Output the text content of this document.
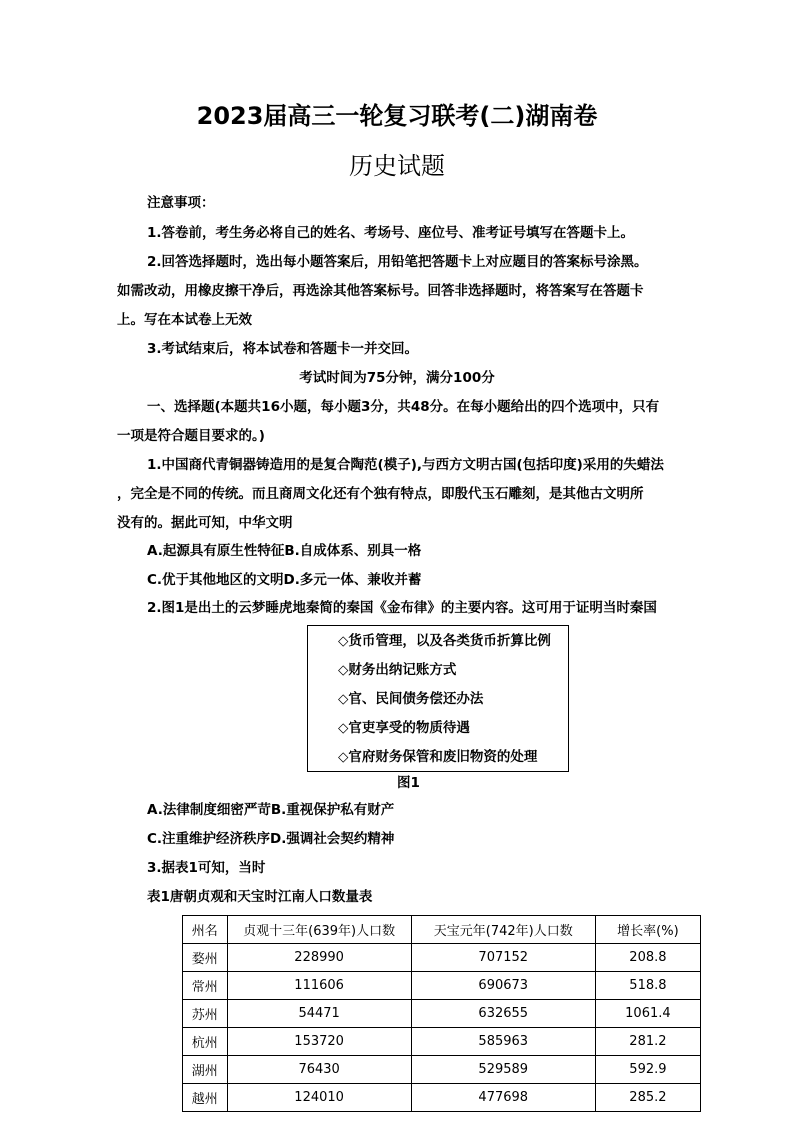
2023届高三一轮复习联考(二)湖南卷
历史试题
注意事项：
1.答卷前，考生务必将自己的姓名、考场号、座位号、准考证号填写在答题卡上。
2.回答选择题时，选出每小题答案后，用铅笔把答题卡上对应题目的答案标号涂黑。
如需改动，用橡皮擦干净后，再选涂其他答案标号。回答非选择题时，将答案写在答题卡
上。写在本试卷上无效
3.考试结束后，将本试卷和答题卡一并交回。
考试时间为75分钟，满分100分
一、选择题(本题共16小题，每小题3分，共48分。在每小题给出的四个选项中，只有
一项是符合题目要求的。)
1.中国商代青铜器铸造用的是复合陶范(模子),与西方文明古国(包括印度)采用的失蜡法
，完全是不同的传统。而且商周文化还有个独有特点，即殷代玉石雕刻，是其他古文明所
没有的。据此可知，中华文明
A.起源具有原生性特征B.自成体系、别具一格
C.优于其他地区的文明D.多元一体、兼收并蓄
2.图1是出土的云梦睡虎地秦简的秦国《金布律》的主要内容。这可用于证明当时秦国
◇货币管理，以及各类货币折算比例
◇财务出纳记账方式
◇官、民间债务偿还办法
◇官吏享受的物质待遇
◇官府财务保管和废旧物资的处理
图1
A.法律制度细密严苛B.重视保护私有财产
C.注重维护经济秩序D.强调社会契约精神
3.据表1可知，当时
表1唐朝贞观和天宝时江南人口数量表
州名	贞观十三年(639年)人口数	天宝元年(742年)人口数	增长率(%)
婺州	228990	707152	208.8
常州	111606	690673	518.8
苏州	54471	632655	1061.4
杭州	153720	585963	281.2
湖州	76430	529589	592.9
越州	124010	477698	285.2
